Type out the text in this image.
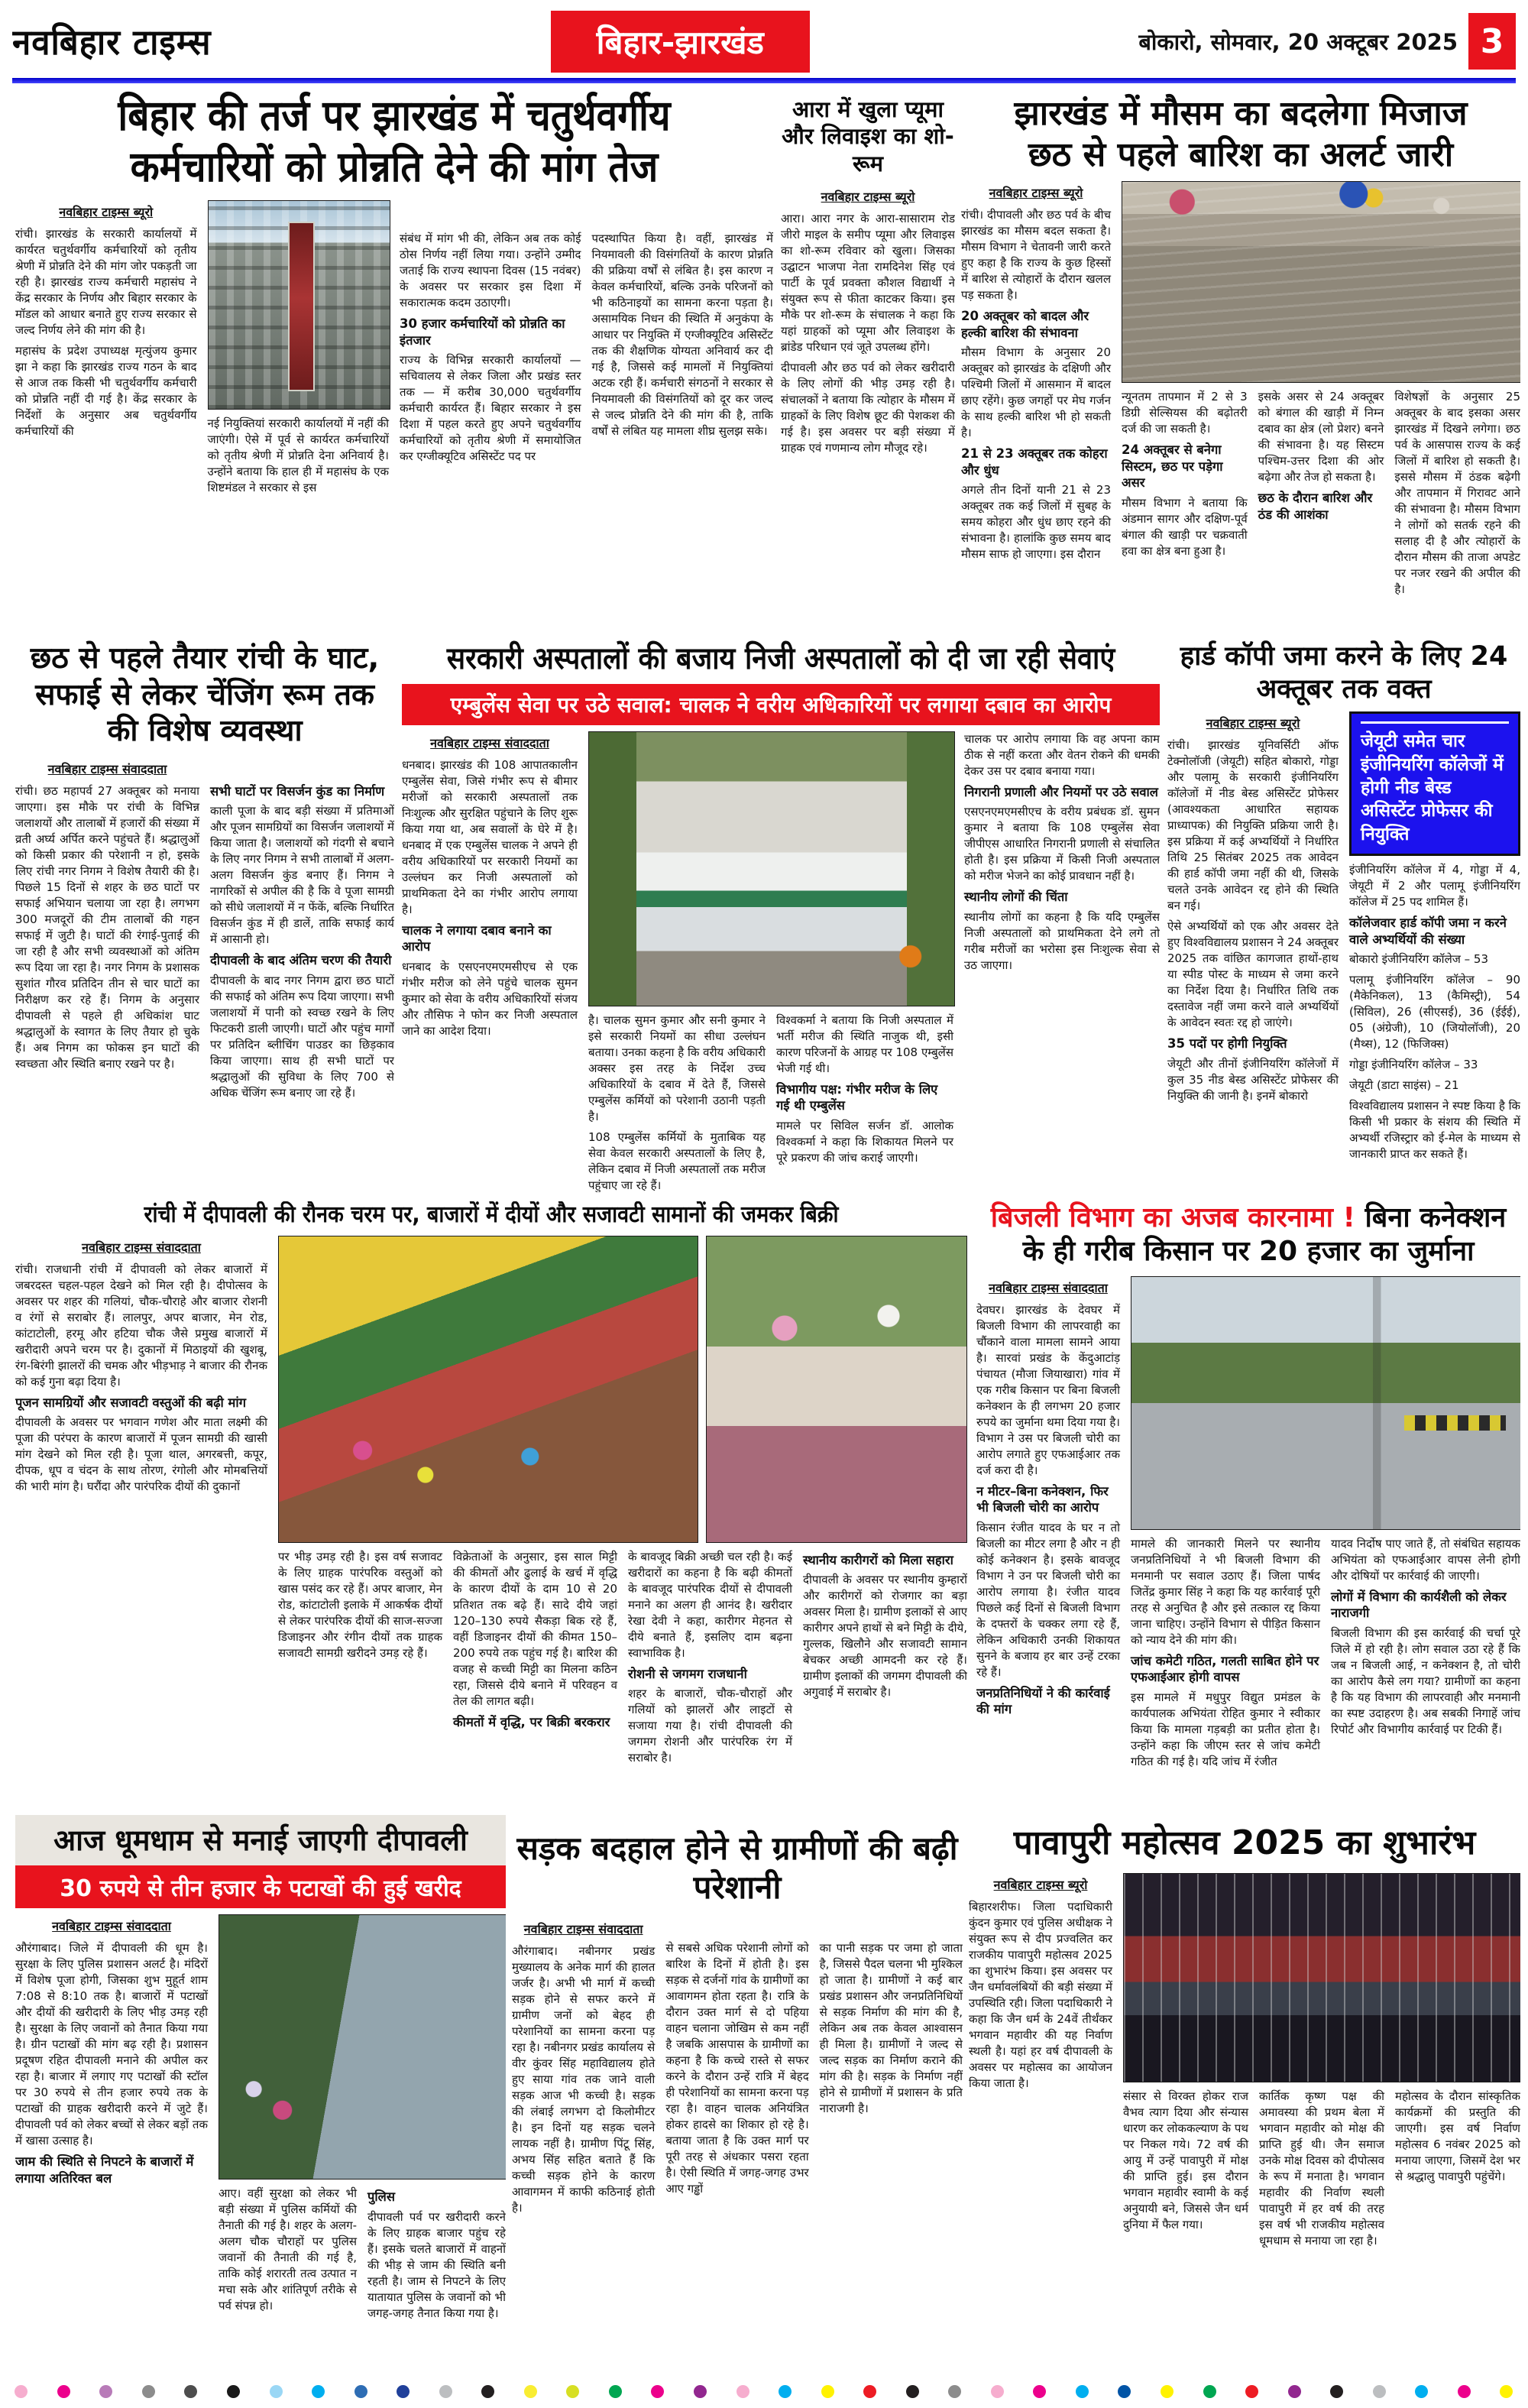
नवबिहार टाइम्स	बिहार-झारखंड	बोकारो, सोमवार, 20 अक्टूबर 2025 3
बिहार की तर्ज पर झारखंड में चतुर्थवर्गीय कर्मचारियों को प्रोन्नति देने की मांग तेज
नवबिहार टाइम्स ब्यूरो
रांची। झारखंड के सरकारी कार्यालयों में कार्यरत चतुर्थवर्गीय कर्मचारियों को तृतीय श्रेणी में प्रोन्नति देने की मांग जोर पकड़ती जा रही है। झारखंड राज्य कर्मचारी महासंघ ने केंद्र सरकार के निर्णय और बिहार सरकार के मॉडल को आधार बनाते हुए राज्य सरकार से जल्द निर्णय लेने की मांग की है।
महासंघ के प्रदेश उपाध्यक्ष मृत्युंजय कुमार झा ने कहा कि झारखंड राज्य गठन के बाद से आज तक किसी भी चतुर्थवर्गीय कर्मचारी को प्रोन्नति नहीं दी गई है। केंद्र सरकार के निर्देशों के अनुसार अब चतुर्थवर्गीय कर्मचारियों की
नई नियुक्तियां सरकारी कार्यालयों में नहीं की जाएंगी। ऐसे में पूर्व से कार्यरत कर्मचारियों को तृतीय श्रेणी में प्रोन्नति देना अनिवार्य है। उन्होंने बताया कि हाल ही में महासंघ के एक शिष्टमंडल ने सरकार से इस
संबंध में मांग भी की, लेकिन अब तक कोई ठोस निर्णय नहीं लिया गया। उन्होंने उम्मीद जताई कि राज्य स्थापना दिवस (15 नवंबर) के अवसर पर सरकार इस दिशा में सकारात्मक कदम उठाएगी।
30 हजार कर्मचारियों को प्रोन्नति का इंतजार
राज्य के विभिन्न सरकारी कार्यालयों — सचिवालय से लेकर जिला और प्रखंड स्तर तक — में करीब 30,000 चतुर्थवर्गीय कर्मचारी कार्यरत हैं। बिहार सरकार ने इस दिशा में पहल करते हुए अपने चतुर्थवर्गीय कर्मचारियों को तृतीय श्रेणी में समायोजित कर एग्जीक्यूटिव असिस्टेंट पद पर
पदस्थापित किया है। वहीं, झारखंड में नियमावली की विसंगतियों के कारण प्रोन्नति की प्रक्रिया वर्षों से लंबित है। इस कारण न केवल कर्मचारियों, बल्कि उनके परिजनों को भी कठिनाइयों का सामना करना पड़ता है। असामयिक निधन की स्थिति में अनुकंपा के आधार पर नियुक्ति में एग्जीक्यूटिव असिस्टेंट तक की शैक्षणिक योग्यता अनिवार्य कर दी गई है, जिससे कई मामलों में नियुक्तियां अटक रही हैं। कर्मचारी संगठनों ने सरकार से नियमावली की विसंगतियों को दूर कर जल्द से जल्द प्रोन्नति देने की मांग की है, ताकि वर्षों से लंबित यह मामला शीघ्र सुलझ सके।
आरा में खुला प्यूमा और लिवाइश का शो-रूम
नवबिहार टाइम्स ब्यूरो
आरा। आरा नगर के आरा-सासाराम रोड जीरो माइल के समीप प्यूमा और लिवाइस का शो-रूम रविवार को खुला। जिसका उद्घाटन भाजपा नेता रामदिनेश सिंह एवं पार्टी के पूर्व प्रवक्ता कौशल विद्यार्थी ने संयुक्त रूप से फीता काटकर किया। इस मौके पर शो-रूम के संचालक ने कहा कि यहां ग्राहकों को प्यूमा और लिवाइश के ब्रांडेड परिधान एवं जूते उपलब्ध होंगे।
दीपावली और छठ पर्व को लेकर खरीदारी के लिए लोगों की भीड़ उमड़ रही है। संचालकों ने बताया कि त्योहार के मौसम में ग्राहकों के लिए विशेष छूट की पेशकश की गई है। इस अवसर पर बड़ी संख्या में ग्राहक एवं गणमान्य लोग मौजूद रहे।
झारखंड में मौसम का बदलेगा मिजाज
छठ से पहले बारिश का अलर्ट जारी
नवबिहार टाइम्स ब्यूरो
रांची। दीपावली और छठ पर्व के बीच झारखंड का मौसम बदल सकता है। मौसम विभाग ने चेतावनी जारी करते हुए कहा है कि राज्य के कुछ हिस्सों में बारिश से त्योहारों के दौरान खलल पड़ सकता है।
20 अक्तूबर को बादल और हल्की बारिश की संभावना
मौसम विभाग के अनुसार 20 अक्तूबर को झारखंड के दक्षिणी और पश्चिमी जिलों में आसमान में बादल छाए रहेंगे। कुछ जगहों पर मेघ गर्जन के साथ हल्की बारिश भी हो सकती है।
21 से 23 अक्तूबर तक कोहरा और धुंध
अगले तीन दिनों यानी 21 से 23 अक्तूबर तक कई जिलों में सुबह के समय कोहरा और धुंध छाए रहने की संभावना है। हालांकि कुछ समय बाद मौसम साफ हो जाएगा। इस दौरान
न्यूनतम तापमान में 2 से 3 डिग्री सेल्सियस की बढ़ोतरी दर्ज की जा सकती है।
24 अक्तूबर से बनेगा सिस्टम, छठ पर पड़ेगा असर
मौसम विभाग ने बताया कि अंडमान सागर और दक्षिण-पूर्व बंगाल की खाड़ी पर चक्रवाती हवा का क्षेत्र बना हुआ है।
इसके असर से 24 अक्तूबर को बंगाल की खाड़ी में निम्न दबाव का क्षेत्र (लो प्रेशर) बनने की संभावना है। यह सिस्टम पश्चिम-उत्तर दिशा की ओर बढ़ेगा और तेज हो सकता है।
छठ के दौरान बारिश और ठंड की आशंका
विशेषज्ञों के अनुसार 25 अक्तूबर के बाद इसका असर झारखंड में दिखने लगेगा। छठ पर्व के आसपास राज्य के कई जिलों में बारिश हो सकती है। इससे मौसम में ठंडक बढ़ेगी और तापमान में गिरावट आने की संभावना है। मौसम विभाग ने लोगों को सतर्क रहने की सलाह दी है और त्योहारों के दौरान मौसम की ताजा अपडेट पर नजर रखने की अपील की है।
छठ से पहले तैयार रांची के घाट, सफाई से लेकर चेंजिंग रूम तक की विशेष व्यवस्था
नवबिहार टाइम्स संवाददाता
रांची। छठ महापर्व 27 अक्तूबर को मनाया जाएगा। इस मौके पर रांची के विभिन्न जलाशयों और तालाबों में हजारों की संख्या में व्रती अर्घ्य अर्पित करने पहुंचते हैं। श्रद्धालुओं को किसी प्रकार की परेशानी न हो, इसके लिए रांची नगर निगम ने विशेष तैयारी की है। पिछले 15 दिनों से शहर के छठ घाटों पर सफाई अभियान चलाया जा रहा है। लगभग 300 मजदूरों की टीम तालाबों की गहन सफाई में जुटी है। घाटों की रंगाई-पुताई की जा रही है और सभी व्यवस्थाओं को अंतिम रूप दिया जा रहा है। नगर निगम के प्रशासक सुशांत गौरव प्रतिदिन तीन से चार घाटों का निरीक्षण कर रहे हैं। निगम के अनुसार दीपावली से पहले ही अधिकांश घाट श्रद्धालुओं के स्वागत के लिए तैयार हो चुके हैं। अब निगम का फोकस इन घाटों की स्वच्छता और स्थिति बनाए रखने पर है।
सभी घाटों पर विसर्जन कुंड का निर्माण
काली पूजा के बाद बड़ी संख्या में प्रतिमाओं और पूजन सामग्रियों का विसर्जन जलाशयों में किया जाता है। जलाशयों को गंदगी से बचाने के लिए नगर निगम ने सभी तालाबों में अलग-अलग विसर्जन कुंड बनाए हैं। निगम ने नागरिकों से अपील की है कि वे पूजा सामग्री को सीधे जलाशयों में न फेंकें, बल्कि निर्धारित विसर्जन कुंड में ही डालें, ताकि सफाई कार्य में आसानी हो।
दीपावली के बाद अंतिम चरण की तैयारी
दीपावली के बाद नगर निगम द्वारा छठ घाटों की सफाई को अंतिम रूप दिया जाएगा। सभी जलाशयों में पानी को स्वच्छ रखने के लिए फिटकरी डाली जाएगी। घाटों और पहुंच मार्गों पर प्रतिदिन ब्लीचिंग पाउडर का छिड़काव किया जाएगा। साथ ही सभी घाटों पर श्रद्धालुओं की सुविधा के लिए 700 से अधिक चेंजिंग रूम बनाए जा रहे हैं।
सरकारी अस्पतालों की बजाय निजी अस्पतालों को दी जा रही सेवाएं
एम्बुलेंस सेवा पर उठे सवाल: चालक ने वरीय अधिकारियों पर लगाया दबाव का आरोप
नवबिहार टाइम्स संवाददाता
धनबाद। झारखंड की 108 आपातकालीन एम्बुलेंस सेवा, जिसे गंभीर रूप से बीमार मरीजों को सरकारी अस्पतालों तक निःशुल्क और सुरक्षित पहुंचाने के लिए शुरू किया गया था, अब सवालों के घेरे में है। धनबाद में एक एम्बुलेंस चालक ने अपने ही वरीय अधिकारियों पर सरकारी नियमों का उल्लंघन कर निजी अस्पतालों को प्राथमिकता देने का गंभीर आरोप लगाया है।
चालक ने लगाया दबाव बनाने का आरोप
धनबाद के एसएनएमएमसीएच से एक गंभीर मरीज को लेने पहुंचे चालक सुमन कुमार को सेवा के वरीय अधिकारियों संजय और तौसिफ ने फोन कर निजी अस्पताल जाने का आदेश दिया।
है। चालक सुमन कुमार और सनी कुमार ने इसे सरकारी नियमों का सीधा उल्लंघन बताया। उनका कहना है कि वरीय अधिकारी अक्सर इस तरह के निर्देश उच्च अधिकारियों के दबाव में देते हैं, जिससे एम्बुलेंस कर्मियों को परेशानी उठानी पड़ती है।
108 एम्बुलेंस कर्मियों के मुताबिक यह सेवा केवल सरकारी अस्पतालों के लिए है, लेकिन दबाव में निजी अस्पतालों तक मरीज पहुंचाए जा रहे हैं।
विश्वकर्मा ने बताया कि निजी अस्पताल में भर्ती मरीज की स्थिति नाजुक थी, इसी कारण परिजनों के आग्रह पर 108 एम्बुलेंस भेजी गई थी।
विभागीय पक्ष: गंभीर मरीज के लिए गई थी एम्बुलेंस
मामले पर सिविल सर्जन डॉ. आलोक विश्वकर्मा ने कहा कि शिकायत मिलने पर पूरे प्रकरण की जांच कराई जाएगी।
चालक पर आरोप लगाया कि वह अपना काम ठीक से नहीं करता और वेतन रोकने की धमकी देकर उस पर दबाव बनाया गया।
निगरानी प्रणाली और नियमों पर उठे सवाल
एसएनएमएमसीएच के वरीय प्रबंधक डॉ. सुमन कुमार ने बताया कि 108 एम्बुलेंस सेवा जीपीएस आधारित निगरानी प्रणाली से संचालित होती है। इस प्रक्रिया में किसी निजी अस्पताल को मरीज भेजने का कोई प्रावधान नहीं है।
स्थानीय लोगों की चिंता
स्थानीय लोगों का कहना है कि यदि एम्बुलेंस निजी अस्पतालों को प्राथमिकता देने लगे तो गरीब मरीजों का भरोसा इस निःशुल्क सेवा से उठ जाएगा।
हार्ड कॉपी जमा करने के लिए 24 अक्तूबर तक वक्त
नवबिहार टाइम्स ब्यूरो
रांची। झारखंड यूनिवर्सिटी ऑफ टेक्नोलॉजी (जेयूटी) सहित बोकारो, गोड्डा और पलामू के सरकारी इंजीनियरिंग कॉलेजों में नीड बेस्ड असिस्टेंट प्रोफेसर (आवश्यकता आधारित सहायक प्राध्यापक) की नियुक्ति प्रक्रिया जारी है। इस प्रक्रिया में कई अभ्यर्थियों ने निर्धारित तिथि 25 सितंबर 2025 तक आवेदन की हार्ड कॉपी जमा नहीं की थी, जिसके चलते उनके आवेदन रद्द होने की स्थिति बन गई।
ऐसे अभ्यर्थियों को एक और अवसर देते हुए विश्वविद्यालय प्रशासन ने 24 अक्तूबर 2025 तक वांछित कागजात हाथों-हाथ या स्पीड पोस्ट के माध्यम से जमा करने का निर्देश दिया है। निर्धारित तिथि तक दस्तावेज नहीं जमा करने वाले अभ्यर्थियों के आवेदन स्वतः रद्द हो जाएंगे।
35 पदों पर होगी नियुक्ति
जेयूटी और तीनों इंजीनियरिंग कॉलेजों में कुल 35 नीड बेस्ड असिस्टेंट प्रोफेसर की नियुक्ति की जानी है। इनमें बोकारो
जेयूटी समेत चार इंजीनियरिंग कॉलेजों में होगी नीड बेस्ड असिस्टेंट प्रोफेसर की नियुक्ति
इंजीनियरिंग कॉलेज में 4, गोड्डा में 4, जेयूटी में 2 और पलामू इंजीनियरिंग कॉलेज में 25 पद शामिल हैं।
कॉलेजवार हार्ड कॉपी जमा न करने वाले अभ्यर्थियों की संख्या
बोकारो इंजीनियरिंग कॉलेज – 53
पलामू इंजीनियरिंग कॉलेज – 90 (मैकेनिकल), 13 (कैमिस्ट्री), 54 (सिविल), 26 (सीएसई), 36 (ईईई), 05 (अंग्रेजी), 10 (जियोलॉजी), 20 (मैथ्स), 12 (फिजिक्स)
गोड्डा इंजीनियरिंग कॉलेज – 33
जेयूटी (डाटा साइंस) – 21
विश्वविद्यालय प्रशासन ने स्पष्ट किया है कि किसी भी प्रकार के संशय की स्थिति में अभ्यर्थी रजिस्ट्रार को ई-मेल के माध्यम से जानकारी प्राप्त कर सकते हैं।
रांची में दीपावली की रौनक चरम पर, बाजारों में दीयों और सजावटी सामानों की जमकर बिक्री
नवबिहार टाइम्स संवाददाता
रांची। राजधानी रांची में दीपावली को लेकर बाजारों में जबरदस्त चहल-पहल देखने को मिल रही है। दीपोत्सव के अवसर पर शहर की गलियां, चौक-चौराहे और बाजार रोशनी व रंगों से सराबोर हैं। लालपुर, अपर बाजार, मेन रोड, कांटाटोली, हरमू और हटिया चौक जैसे प्रमुख बाजारों में खरीदारी अपने चरम पर है। दुकानों में मिठाइयों की खुशबू, रंग-बिरंगी झालरों की चमक और भीड़भाड़ ने बाजार की रौनक को कई गुना बढ़ा दिया है।
पूजन सामग्रियों और सजावटी वस्तुओं की बढ़ी मांग
दीपावली के अवसर पर भगवान गणेश और माता लक्ष्मी की पूजा की परंपरा के कारण बाजारों में पूजन सामग्री की खासी मांग देखने को मिल रही है। पूजा थाल, अगरबत्ती, कपूर, दीपक, धूप व चंदन के साथ तोरण, रंगोली और मोमबत्तियों की भारी मांग है। घरौंदा और पारंपरिक दीयों की दुकानों
पर भीड़ उमड़ रही है। इस वर्ष सजावट के लिए ग्राहक पारंपरिक वस्तुओं को खास पसंद कर रहे हैं। अपर बाजार, मेन रोड, कांटाटोली इलाके में आकर्षक दीयों से लेकर पारंपरिक दीयों की साज-सज्जा डिजाइनर और रंगीन दीयों तक ग्राहक सजावटी सामग्री खरीदने उमड़ रहे हैं।
विक्रेताओं के अनुसार, इस साल मिट्टी की कीमतों और ढुलाई के खर्च में वृद्धि के कारण दीयों के दाम 10 से 20 प्रतिशत तक बढ़े हैं। सादे दीये जहां 120–130 रुपये सैकड़ा बिक रहे हैं, वहीं डिजाइनर दीयों की कीमत 150–200 रुपये तक पहुंच गई है। बारिश की वजह से कच्ची मिट्टी का मिलना कठिन रहा, जिससे दीये बनाने में परिवहन व तेल की लागत बढ़ी।
कीमतों में वृद्धि, पर बिक्री बरकरार
के बावजूद बिक्री अच्छी चल रही है। कई खरीदारों का कहना है कि बढ़ी कीमतों के बावजूद पारंपरिक दीयों से दीपावली मनाने का अलग ही आनंद है। खरीदार रेखा देवी ने कहा, कारीगर मेहनत से दीये बनाते हैं, इसलिए दाम बढ़ना स्वाभाविक है।
रोशनी से जगमग राजधानी
शहर के बाजारों, चौक-चौराहों और गलियों को झालरों और लाइटों से सजाया गया है। रांची दीपावली की जगमग रोशनी और पारंपरिक रंग में सराबोर है।
स्थानीय कारीगरों को मिला सहारा
दीपावली के अवसर पर स्थानीय कुम्हारों और कारीगरों को रोजगार का बड़ा अवसर मिला है। ग्रामीण इलाकों से आए कारीगर अपने हाथों से बने मिट्टी के दीये, गुल्लक, खिलौने और सजावटी सामान बेचकर अच्छी आमदनी कर रहे हैं। ग्रामीण इलाकों की जगमग दीपावली की अगुवाई में सराबोर है।
बिजली विभाग का अजब कारनामा ! बिना कनेक्शन के ही गरीब किसान पर 20 हजार का जुर्माना
नवबिहार टाइम्स संवाददाता
देवघर। झारखंड के देवघर में बिजली विभाग की लापरवाही का चौंकाने वाला मामला सामने आया है। सारवां प्रखंड के केंदुआटांड़ पंचायत (मौजा जियाखारा) गांव में एक गरीब किसान पर बिना बिजली कनेक्शन के ही लगभग 20 हजार रुपये का जुर्माना थमा दिया गया है। विभाग ने उस पर बिजली चोरी का आरोप लगाते हुए एफआईआर तक दर्ज करा दी है।
न मीटर–बिना कनेक्शन, फिर भी बिजली चोरी का आरोप
किसान रंजीत यादव के घर न तो बिजली का मीटर लगा है और न ही कोई कनेक्शन है। इसके बावजूद विभाग ने उन पर बिजली चोरी का आरोप लगाया है। रंजीत यादव पिछले कई दिनों से बिजली विभाग के दफ्तरों के चक्कर लगा रहे हैं, लेकिन अधिकारी उनकी शिकायत सुनने के बजाय हर बार उन्हें टरका रहे हैं।
जनप्रतिनिधियों ने की कार्रवाई की मांग
मामले की जानकारी मिलने पर स्थानीय जनप्रतिनिधियों ने भी बिजली विभाग की मनमानी पर सवाल उठाए हैं। जिला पार्षद जितेंद्र कुमार सिंह ने कहा कि यह कार्रवाई पूरी तरह से अनुचित है और इसे तत्काल रद्द किया जाना चाहिए। उन्होंने विभाग से पीड़ित किसान को न्याय देने की मांग की।
जांच कमेटी गठित, गलती साबित होने पर एफआईआर होगी वापस
इस मामले में मधुपुर विद्युत प्रमंडल के कार्यपालक अभियंता रोहित कुमार ने स्वीकार किया कि मामला गड़बड़ी का प्रतीत होता है। उन्होंने कहा कि जीएम स्तर से जांच कमेटी गठित की गई है। यदि जांच में रंजीत
यादव निर्दोष पाए जाते हैं, तो संबंधित सहायक अभियंता को एफआईआर वापस लेनी होगी और दोषियों पर कार्रवाई की जाएगी।
लोगों में विभाग की कार्यशैली को लेकर नाराजगी
बिजली विभाग की इस कार्रवाई की चर्चा पूरे जिले में हो रही है। लोग सवाल उठा रहे हैं कि जब न बिजली आई, न कनेक्शन है, तो चोरी का आरोप कैसे लग गया? ग्रामीणों का कहना है कि यह विभाग की लापरवाही और मनमानी का स्पष्ट उदाहरण है। अब सबकी निगाहें जांच रिपोर्ट और विभागीय कार्रवाई पर टिकी हैं।
आज धूमधाम से मनाई जाएगी दीपावली
30 रुपये से तीन हजार के पटाखों की हुई खरीद
नवबिहार टाइम्स संवाददाता
औरंगाबाद। जिले में दीपावली की धूम है। सुरक्षा के लिए पुलिस प्रशासन अलर्ट है। मंदिरों में विशेष पूजा होगी, जिसका शुभ मुहूर्त शाम 7:08 से 8:10 तक है। बाजारों में पटाखों और दीयों की खरीदारी के लिए भीड़ उमड़ रही है। सुरक्षा के लिए जवानों को तैनात किया गया है। ग्रीन पटाखों की मांग बढ़ रही है। प्रशासन प्रदूषण रहित दीपावली मनाने की अपील कर रहा है। बाजार में लगाए गए पटाखों की स्टॉल पर 30 रुपये से तीन हजार रुपये तक के पटाखों की ग्राहक खरीदारी करने में जुटे हैं। दीपावली पर्व को लेकर बच्चों से लेकर बड़ों तक में खासा उत्साह है।
जाम की स्थिति से निपटने के बाजारों में लगाया अतिरिक्त बल
आए। वहीं सुरक्षा को लेकर भी बड़ी संख्या में पुलिस कर्मियों की तैनाती की गई है। शहर के अलग-अलग चौक चौराहों पर पुलिस जवानों की तैनाती की गई है, ताकि कोई शरारती तत्व उत्पात न मचा सके और शांतिपूर्ण तरीके से पर्व संपन्न हो।
पुलिस
दीपावली पर्व पर खरीदारी करने के लिए ग्राहक बाजार पहुंच रहे हैं। इसके चलते बाजारों में वाहनों की भीड़ से जाम की स्थिति बनी रहती है। जाम से निपटने के लिए यातायात पुलिस के जवानों को भी जगह-जगह तैनात किया गया है।
सड़क बदहाल होने से ग्रामीणों की बढ़ी परेशानी
नवबिहार टाइम्स संवाददाता
औरंगाबाद। नबीनगर प्रखंड मुख्यालय के अनेक मार्ग की हालत जर्जर है। अभी भी मार्ग में कच्ची सड़क होने से सफर करने में ग्रामीण जनों को बेहद ही परेशानियों का सामना करना पड़ रहा है। नबीनगर प्रखंड कार्यालय से वीर कुंवर सिंह महाविद्यालय होते हुए साया गांव तक जाने वाली सड़क आज भी कच्ची है। सड़क की लंबाई लगभग दो किलोमीटर है। इन दिनों यह सड़क चलने लायक नहीं है। ग्रामीण पिंटू सिंह, अभय सिंह सहित बताते हैं कि कच्ची सड़क होने के कारण आवागमन में काफी कठिनाई होती है।
से सबसे अधिक परेशानी लोगों को बारिश के दिनों में होती है। इस सड़क से दर्जनों गांव के ग्रामीणों का आवागमन होता रहता है। रात्रि के दौरान उक्त मार्ग से दो पहिया वाहन चलाना जोखिम से कम नहीं है जबकि आसपास के ग्रामीणों का कहना है कि कच्चे रास्ते से सफर करने के दौरान उन्हें रात्रि में बेहद ही परेशानियों का सामना करना पड़ रहा है। वाहन चालक अनियंत्रित होकर हादसे का शिकार हो रहे है। बताया जाता है कि उक्त मार्ग पर पूरी तरह से अंधकार पसरा रहता है। ऐसी स्थिति में जगह-जगह उभर आए गड्ढों
का पानी सड़क पर जमा हो जाता है, जिससे पैदल चलना भी मुश्किल हो जाता है। ग्रामीणों ने कई बार प्रखंड प्रशासन और जनप्रतिनिधियों से सड़क निर्माण की मांग की है, लेकिन अब तक केवल आश्वासन ही मिला है। ग्रामीणों ने जल्द से जल्द सड़क का निर्माण कराने की मांग की है। सड़क के निर्माण नहीं होने से ग्रामीणों में प्रशासन के प्रति नाराजगी है।
पावापुरी महोत्सव 2025 का शुभारंभ
नवबिहार टाइम्स ब्यूरो
बिहारशरीफ। जिला पदाधिकारी कुंदन कुमार एवं पुलिस अधीक्षक ने संयुक्त रूप से दीप प्रज्वलित कर राजकीय पावापुरी महोत्सव 2025 का शुभारंभ किया। इस अवसर पर जैन धर्मावलंबियों की बड़ी संख्या में उपस्थिति रही। जिला पदाधिकारी ने कहा कि जैन धर्म के 24वें तीर्थंकर भगवान महावीर की यह निर्वाण स्थली है। यहां हर वर्ष दीपावली के अवसर पर महोत्सव का आयोजन किया जाता है।
संसार से विरक्त होकर राज वैभव त्याग दिया और संन्यास धारण कर लोककल्याण के पथ पर निकल गये। 72 वर्ष की आयु में उन्हें पावापुरी में मोक्ष की प्राप्ति हुई। इस दौरान भगवान महावीर स्वामी के कई अनुयायी बने, जिससे जैन धर्म दुनिया में फैल गया।
कार्तिक कृष्ण पक्ष की अमावस्या की प्रथम बेला में भगवान महावीर को मोक्ष की प्राप्ति हुई थी। जैन समाज उनके मोक्ष दिवस को दीपोत्सव के रूप में मनाता है। भगवान महावीर की निर्वाण स्थली पावापुरी में हर वर्ष की तरह इस वर्ष भी राजकीय महोत्सव धूमधाम से मनाया जा रहा है।
महोत्सव के दौरान सांस्कृतिक कार्यक्रमों की प्रस्तुति की जाएगी। इस वर्ष निर्वाण महोत्सव 6 नवंबर 2025 को मनाया जाएगा, जिसमें देश भर से श्रद्धालु पावापुरी पहुंचेंगे।
